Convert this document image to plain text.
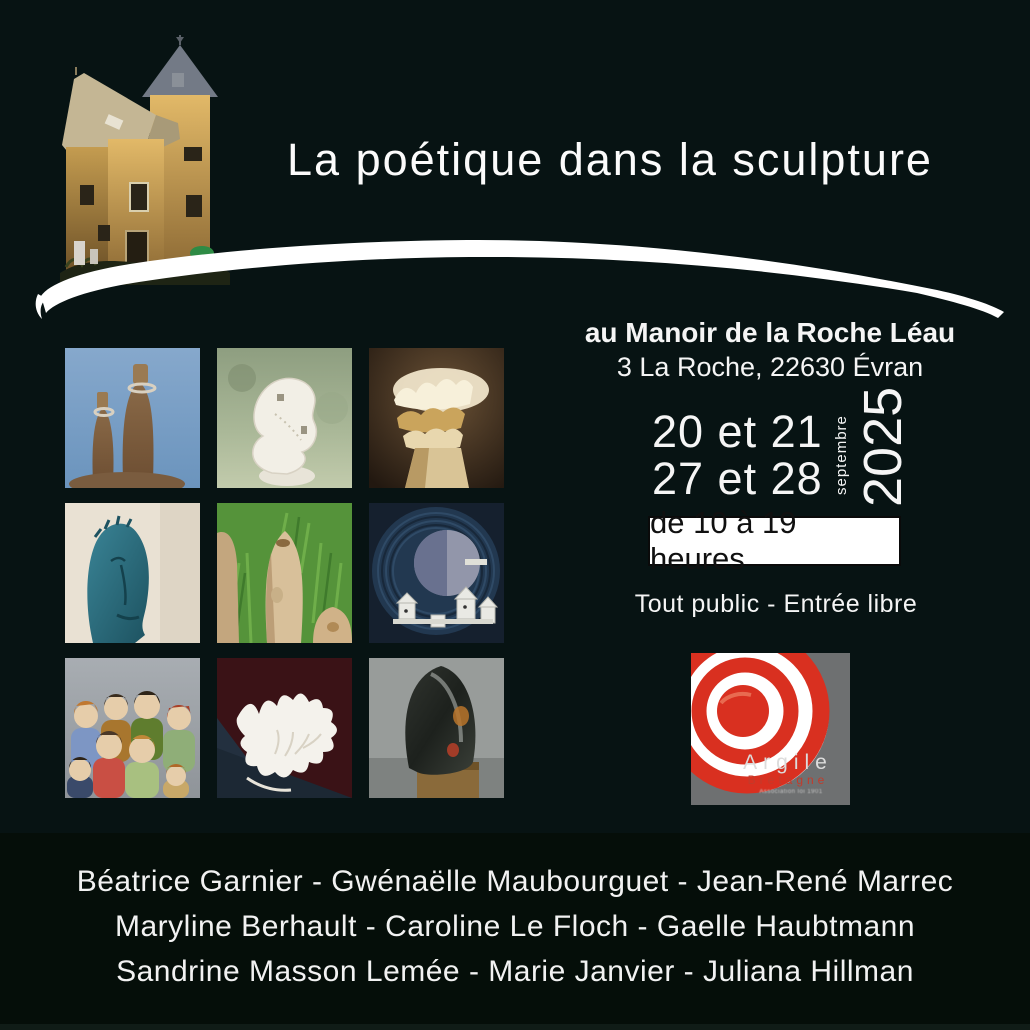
La poétique dans la sculpture
au Manoir de la Roche Léau
3 La Roche, 22630 Évran
20 et 21
27 et 28 septembre 2025
de 10 à 19 heures
Tout public - Entrée libre
Argile
Bretagne
Association loi 1901
Béatrice Garnier - Gwénaëlle Maubourguet - Jean-René Marrec
Maryline Berhault - Caroline Le Floch - Gaelle Haubtmann
Sandrine Masson Lemée - Marie Janvier - Juliana Hillman
